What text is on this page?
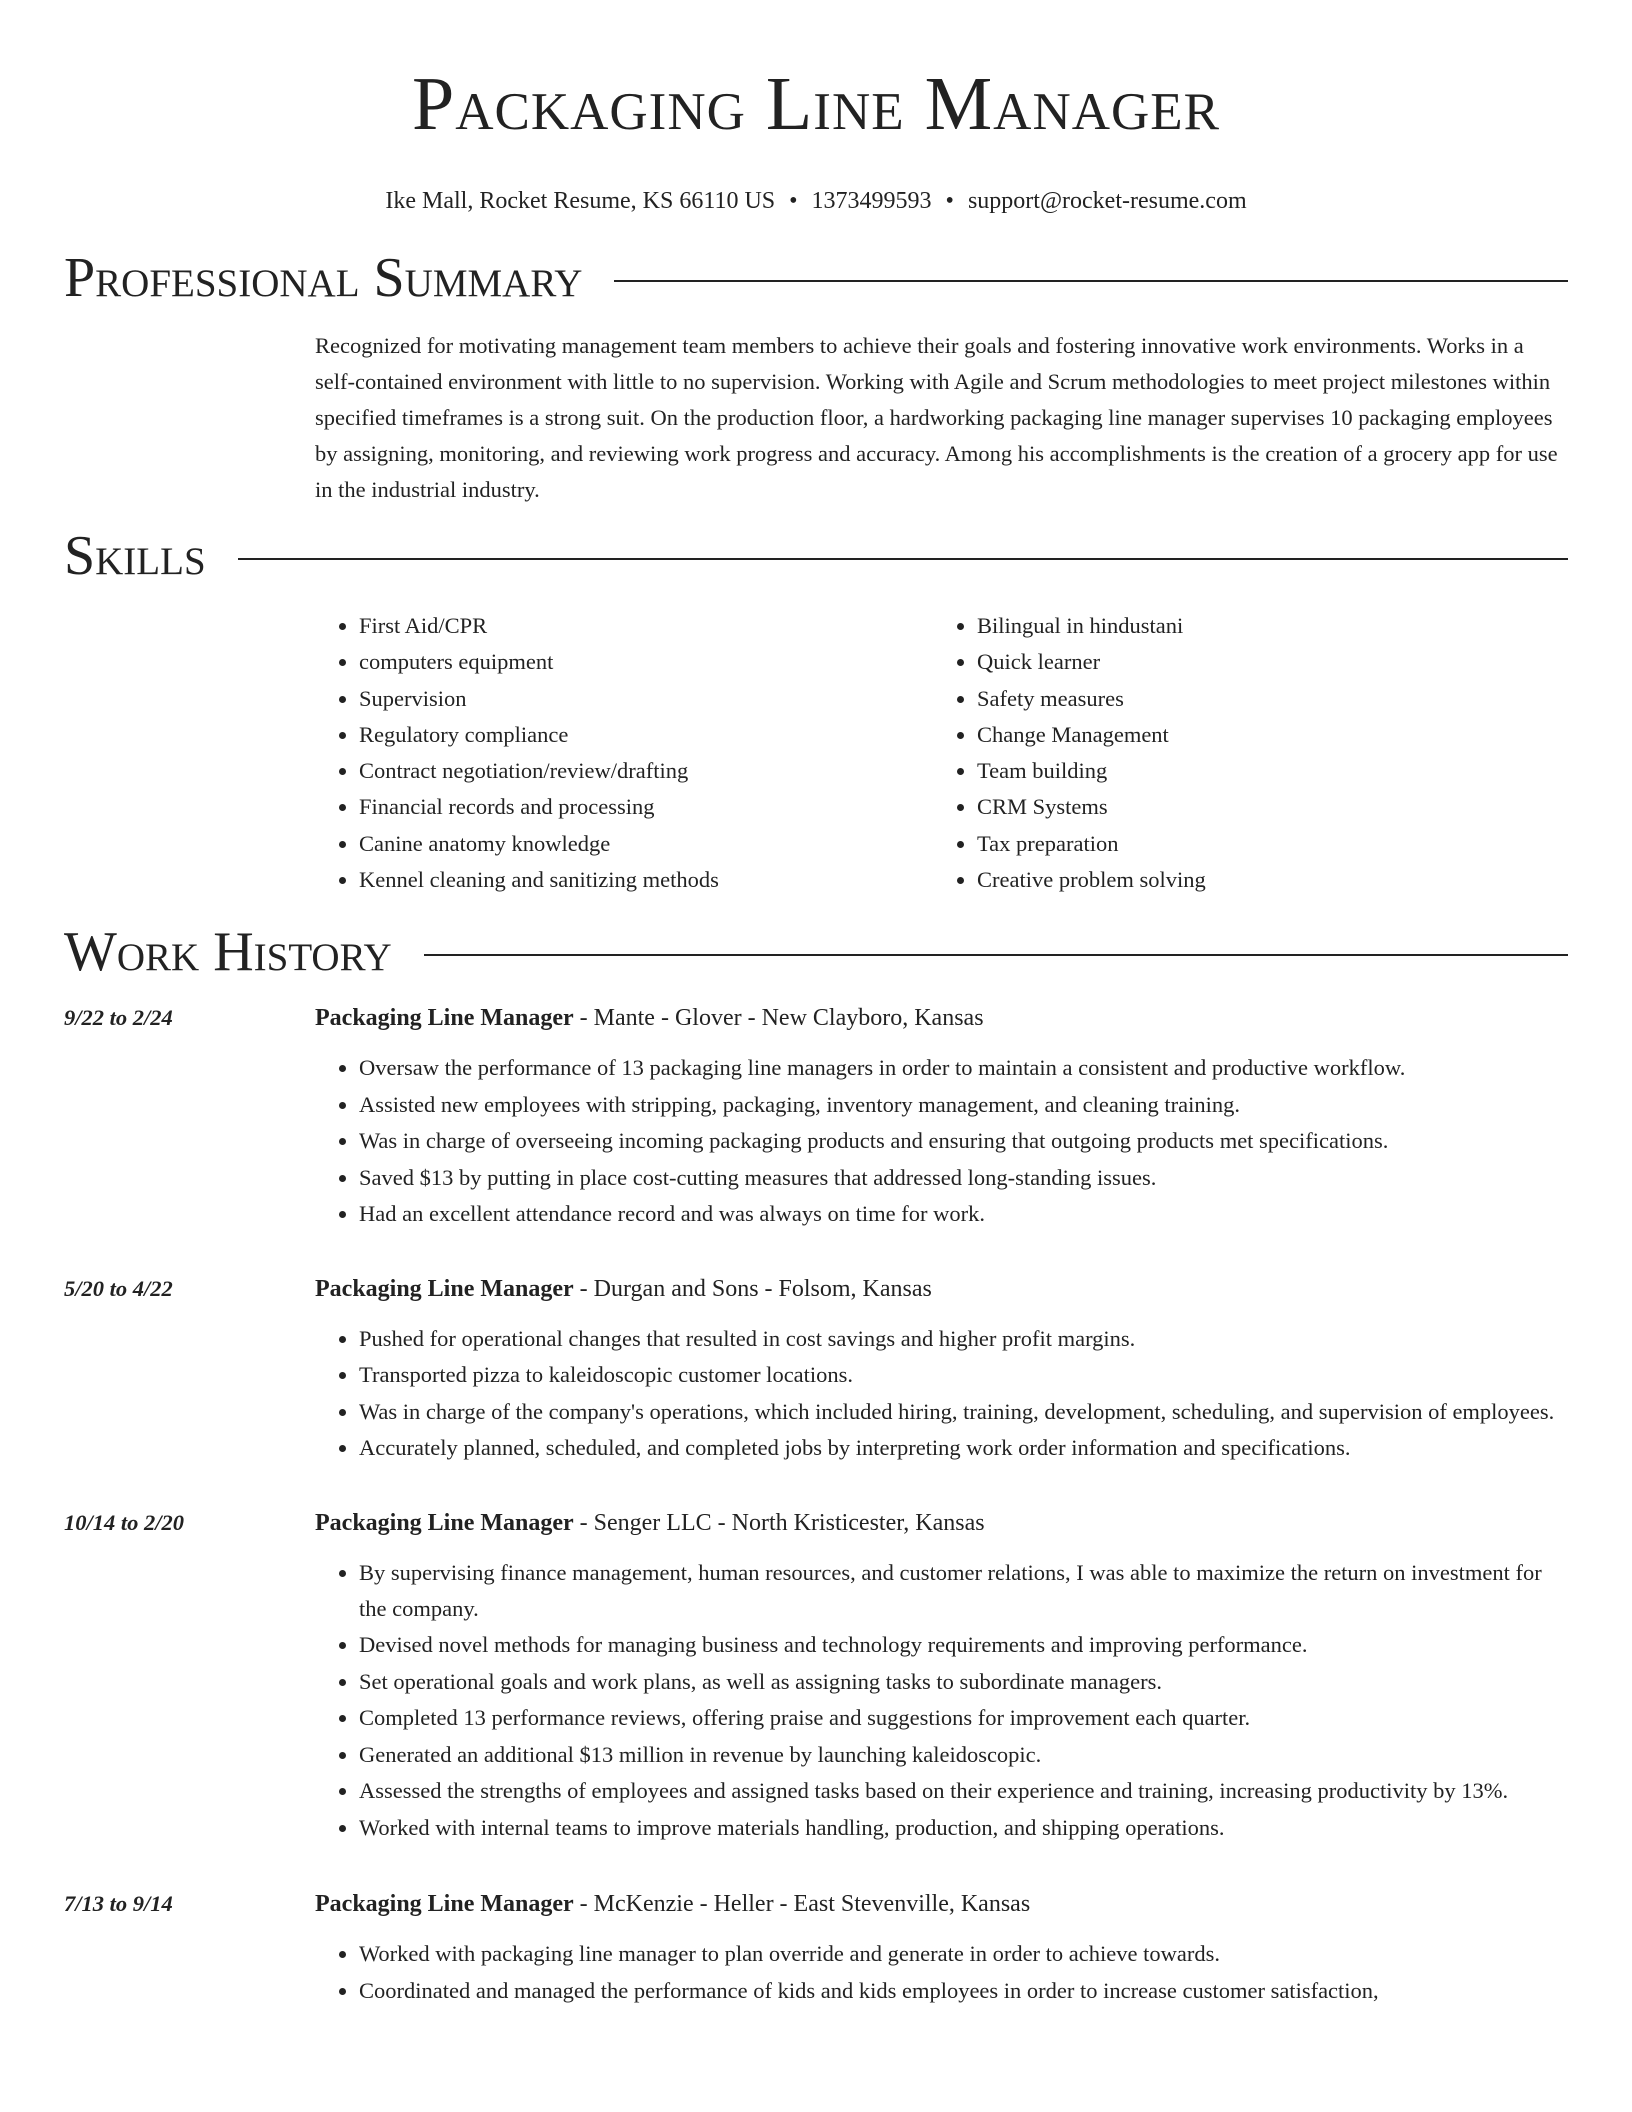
Packaging Line Manager
Ike Mall, Rocket Resume, KS 66110 US • 1373499593 • support@rocket-resume.com
Professional Summary

Recognized for motivating management team members to achieve their goals and fostering innovative work environments. Works in a self-contained environment with little to no supervision. Working with Agile and Scrum methodologies to meet project milestones within specified timeframes is a strong suit. On the production floor, a hardworking packaging line manager supervises 10 packaging employees by assigning, monitoring, and reviewing work progress and accuracy. Among his accomplishments is the creation of a grocery app for use in the industrial industry.

Skills
• First Aid/CPR
• computers equipment
• Supervision
• Regulatory compliance
• Contract negotiation/review/drafting
• Financial records and processing
• Canine anatomy knowledge
• Kennel cleaning and sanitizing methods
• Bilingual in hindustani
• Quick learner
• Safety measures
• Change Management
• Team building
• CRM Systems
• Tax preparation
• Creative problem solving
Work History
9/22 to 2/24	Packaging Line Manager - Mante - Glover - New Clayboro, Kansas
• Oversaw the performance of 13 packaging line managers in order to maintain a consistent and productive workflow.
• Assisted new employees with stripping, packaging, inventory management, and cleaning training.
• Was in charge of overseeing incoming packaging products and ensuring that outgoing products met specifications.
• Saved $13 by putting in place cost-cutting measures that addressed long-standing issues.
• Had an excellent attendance record and was always on time for work.
5/20 to 4/22	Packaging Line Manager - Durgan and Sons - Folsom, Kansas
• Pushed for operational changes that resulted in cost savings and higher profit margins.
• Transported pizza to kaleidoscopic customer locations.
• Was in charge of the company's operations, which included hiring, training, development, scheduling, and supervision of employees.
• Accurately planned, scheduled, and completed jobs by interpreting work order information and specifications.
10/14 to 2/20	Packaging Line Manager - Senger LLC - North Kristicester, Kansas
• By supervising finance management, human resources, and customer relations, I was able to maximize the return on investment for the company.
• Devised novel methods for managing business and technology requirements and improving performance.
• Set operational goals and work plans, as well as assigning tasks to subordinate managers.
• Completed 13 performance reviews, offering praise and suggestions for improvement each quarter.
• Generated an additional $13 million in revenue by launching kaleidoscopic.
• Assessed the strengths of employees and assigned tasks based on their experience and training, increasing productivity by 13%.
• Worked with internal teams to improve materials handling, production, and shipping operations.
7/13 to 9/14	Packaging Line Manager - McKenzie - Heller - East Stevenville, Kansas
• Worked with packaging line manager to plan override and generate in order to achieve towards.
• Coordinated and managed the performance of kids and kids employees in order to increase customer satisfaction,
